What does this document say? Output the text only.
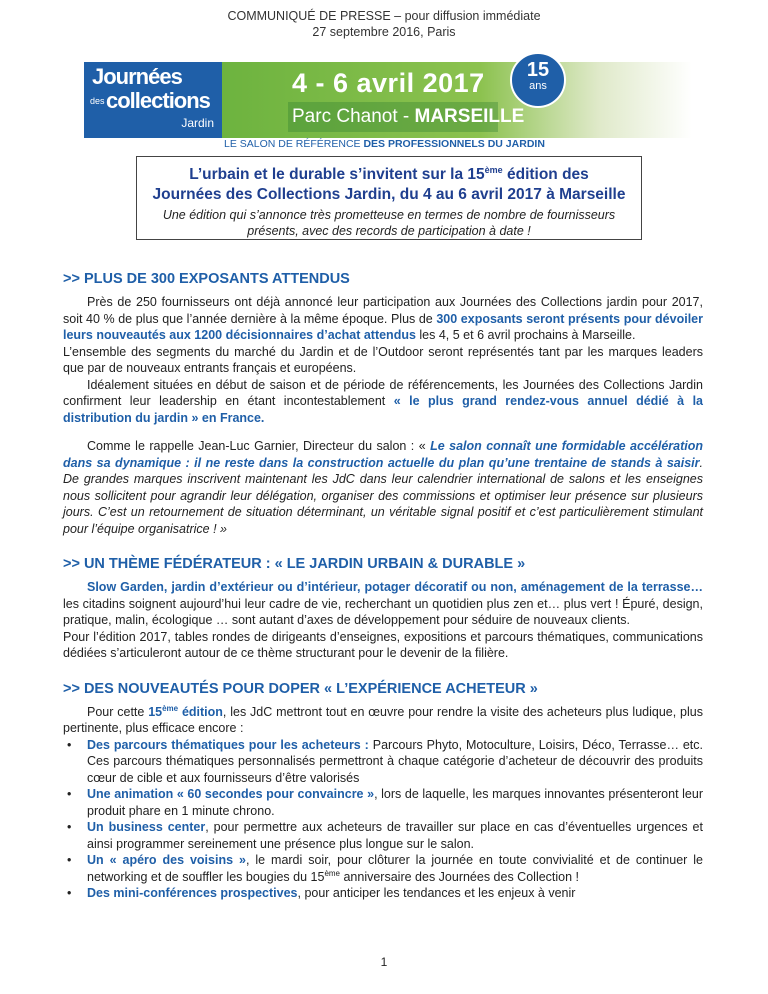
COMMUNIQUÉ DE PRESSE – pour diffusion immédiate
27 septembre 2016, Paris
Journées
des collections
Jardin
4 - 6 avril 2017
Parc Chanot - MARSEILLE
15
ans
LE SALON DE RÉFÉRENCE DES PROFESSIONNELS DU JARDIN
L’urbain et le durable s’invitent sur la 15ème édition des
Journées des Collections Jardin, du 4 au 6 avril 2017 à Marseille
Une édition qui s’annonce très prometteuse en termes de nombre de fournisseurs présents, avec des records de participation à date !
>> PLUS DE 300 EXPOSANTS ATTENDUS

Près de 250 fournisseurs ont déjà annoncé leur participation aux Journées des Collections jardin pour 2017, soit 40 % de plus que l’année dernière à la même époque. Plus de 300 exposants seront présents pour dévoiler leurs nouveautés aux 1200 décisionnaires d’achat attendus les 4, 5 et 6 avril prochains à Marseille.

L’ensemble des segments du marché du Jardin et de l’Outdoor seront représentés tant par les marques leaders que par de nouveaux entrants français et européens.

Idéalement situées en début de saison et de période de référencements, les Journées des Collections Jardin confirment leur leadership en étant incontestablement « le plus grand rendez-vous annuel dédié à la distribution du jardin » en France.

Comme le rappelle Jean-Luc Garnier, Directeur du salon : « Le salon connaît une formidable accélération dans sa dynamique : il ne reste dans la construction actuelle du plan qu’une trentaine de stands à saisir. De grandes marques inscrivent maintenant les JdC dans leur calendrier international de salons et les enseignes nous sollicitent pour agrandir leur délégation, organiser des commissions et optimiser leur présence sur plusieurs jours. C’est un retournement de situation déterminant, un véritable signal positif et c’est particulièrement stimulant pour l’équipe organisatrice ! »

>> UN THÈME FÉDÉRATEUR : « LE JARDIN URBAIN & DURABLE »

Slow Garden, jardin d’extérieur ou d’intérieur, potager décoratif ou non, aménagement de la terrasse… les citadins soignent aujourd’hui leur cadre de vie, recherchant un quotidien plus zen et… plus vert ! Épuré, design, pratique, malin, écologique … sont autant d’axes de développement pour séduire de nouveaux clients.

Pour l’édition 2017, tables rondes de dirigeants d’enseignes, expositions et parcours thématiques, communications dédiées s’articuleront autour de ce thème structurant pour le devenir de la filière.

>> DES NOUVEAUTÉS POUR DOPER « L’EXPÉRIENCE ACHETEUR »

Pour cette 15ème édition, les JdC mettront tout en œuvre pour rendre la visite des acheteurs plus ludique, plus pertinente, plus efficace encore :

• Des parcours thématiques pour les acheteurs : Parcours Phyto, Motoculture, Loisirs, Déco, Terrasse… etc. Ces parcours thématiques personnalisés permettront à chaque catégorie d’acheteur de découvrir des produits cœur de cible et aux fournisseurs d’être valorisés
• Une animation « 60 secondes pour convaincre », lors de laquelle, les marques innovantes présenteront leur produit phare en 1 minute chrono.
• Un business center, pour permettre aux acheteurs de travailler sur place en cas d’éventuelles urgences et ainsi programmer sereinement une présence plus longue sur le salon.
• Un « apéro des voisins », le mardi soir, pour clôturer la journée en toute convivialité et de continuer le networking et de souffler les bougies du 15ème anniversaire des Journées des Collection !
• Des mini-conférences prospectives, pour anticiper les tendances et les enjeux à venir
1
